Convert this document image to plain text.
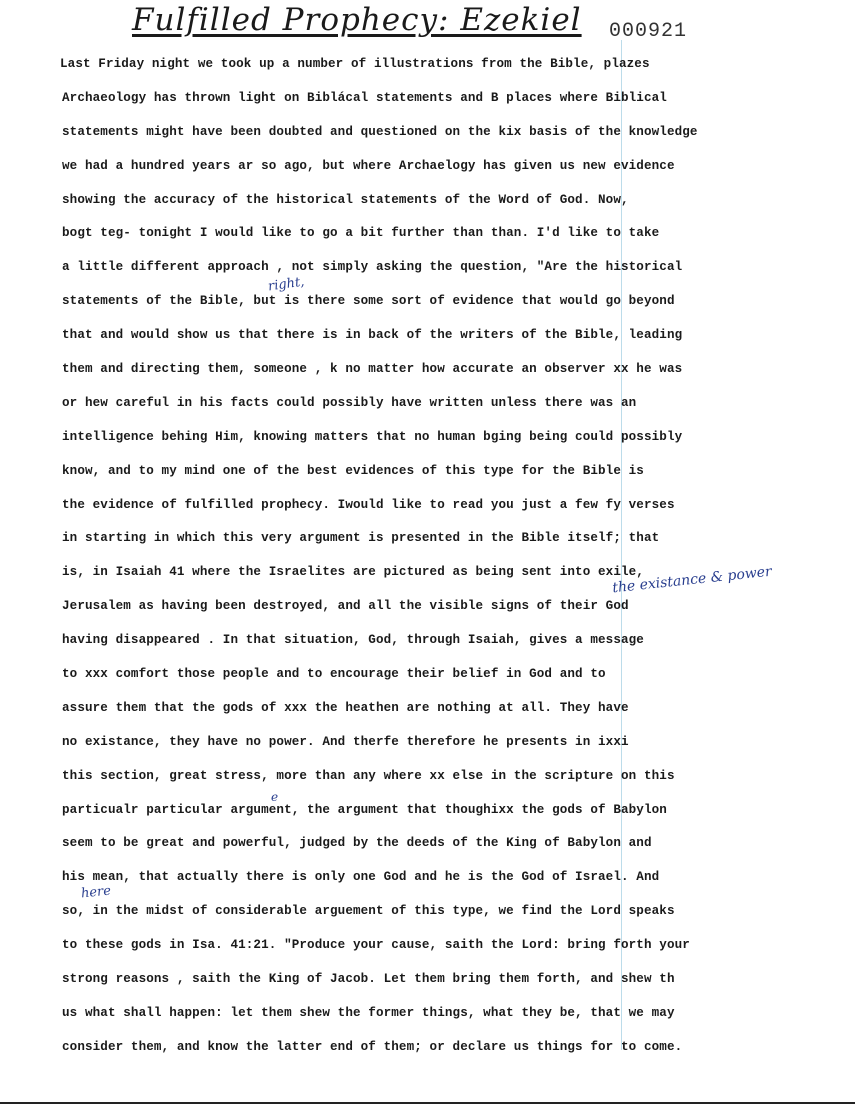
Fulfilled Prophecy: Ezekiel 000921
Last Friday night we took up a number of illustrations from the Bible, plazes
Archaeology has thrown light on Biblácal statements and B places where Biblical
statements might have been doubted and questioned on the kix basis of the knowledge
we had a hundred years ar so ago, but where Archaelogy has given us new evidence
showing the accuracy of the historical statements of the Word of God. Now,
bogt teg- tonight I would like to go a bit further than than. I'd like to take
a little different approach , not simply asking the question, "Are the historical
statements of the Bible, but is there some sort of evidence that would go beyond
that and would show us that there is in back of the writers of the Bible, leading
them and directing them, someone , k no matter how accurate an observer xx he was
or hew careful in his facts could possibly have written unless there was an
intelligence behing Him, knowing matters that no human bging being could possibly
know, and to my mind one of the best evidences of this type for the Bible is
the evidence of fulfilled prophecy. Iwould like to read you just a few fy verses
in starting in which this very argument is presented in the Bible itself; that
is, in Isaiah 41 where the Israelites are pictured as being sent into exile,
Jerusalem as having been destroyed, and all the visible signs of their God
having disappeared . In that situation, God, through Isaiah, gives a message
to xxx comfort those people and to encourage their belief in God and to
assure them that the gods of xxx the heathen are nothing at all. They have
no existance, they have no power. And therfe therefore he presents in ixxi
this section, great stress, more than any where xx else in the scripture on this
particualr particular argument, the argument that thoughixx the gods of Babylon
seem to be great and powerful, judged by the deeds of the King of Babylon and
his mean, that actually there is only one God and he is the God of Israel. And
so, in the midst of considerable arguement of this type, we find the Lord speaks
to these gods in Isa. 41:21. "Produce your cause, saith the Lord: bring forth your
strong reasons , saith the King of Jacob. Let them bring them forth, and shew th
us what shall happen: let them shew the former things, what they be, that we may
consider them, and know the latter end of them; or declare us things for to come.
right,
the existance & power
e
here
